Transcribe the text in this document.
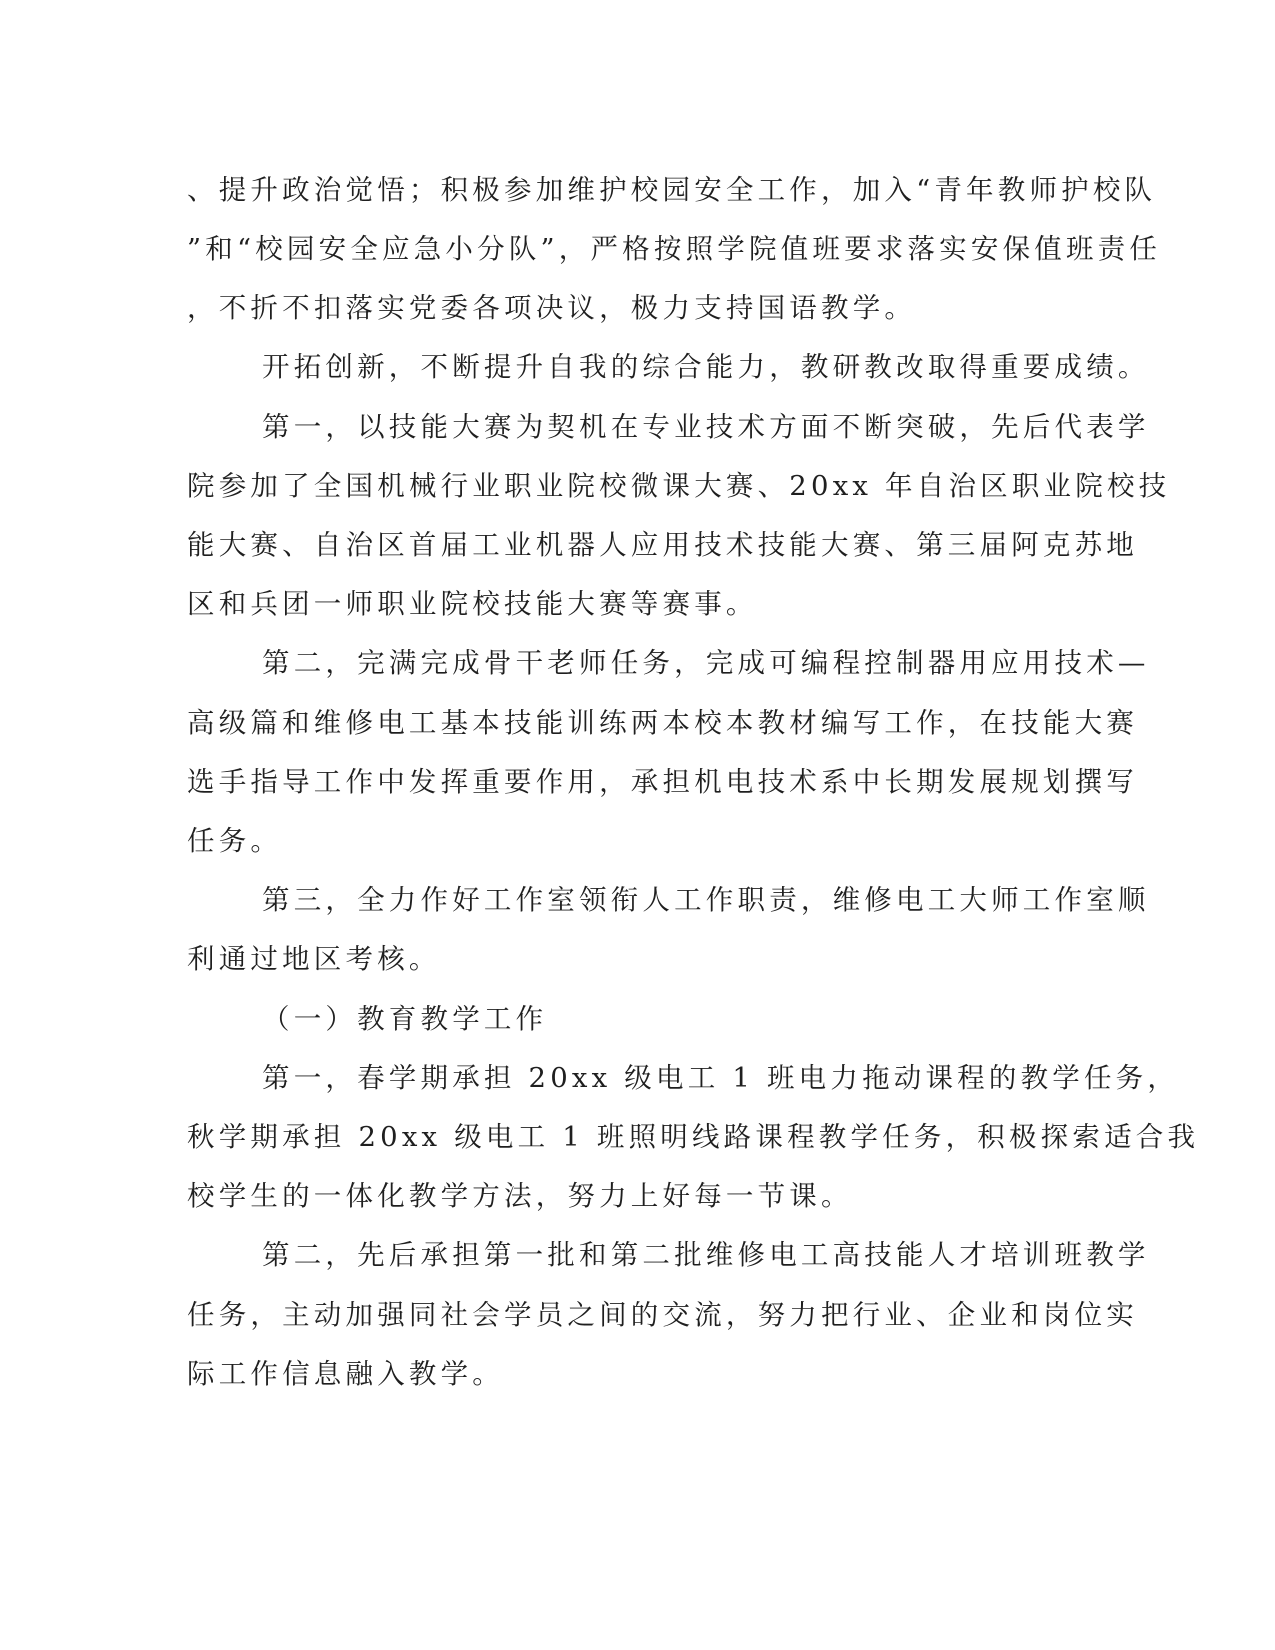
、提升政治觉悟；积极参加维护校园安全工作，加入“青年教师护校队
”和“校园安全应急小分队”，严格按照学院值班要求落实安保值班责任
，不折不扣落实党委各项决议，极力支持国语教学。
开拓创新，不断提升自我的综合能力，教研教改取得重要成绩。
第一，以技能大赛为契机在专业技术方面不断突破，先后代表学
院参加了全国机械行业职业院校微课大赛、20xx 年自治区职业院校技
能大赛、自治区首届工业机器人应用技术技能大赛、第三届阿克苏地
区和兵团一师职业院校技能大赛等赛事。
第二，完满完成骨干老师任务，完成可编程控制器用应用技术—
高级篇和维修电工基本技能训练两本校本教材编写工作，在技能大赛
选手指导工作中发挥重要作用，承担机电技术系中长期发展规划撰写
任务。
第三，全力作好工作室领衔人工作职责，维修电工大师工作室顺
利通过地区考核。
（一）教育教学工作
第一，春学期承担 20xx 级电工 1 班电力拖动课程的教学任务，
秋学期承担 20xx 级电工 1 班照明线路课程教学任务，积极探索适合我
校学生的一体化教学方法，努力上好每一节课。
第二，先后承担第一批和第二批维修电工高技能人才培训班教学
任务，主动加强同社会学员之间的交流，努力把行业、企业和岗位实
际工作信息融入教学。
